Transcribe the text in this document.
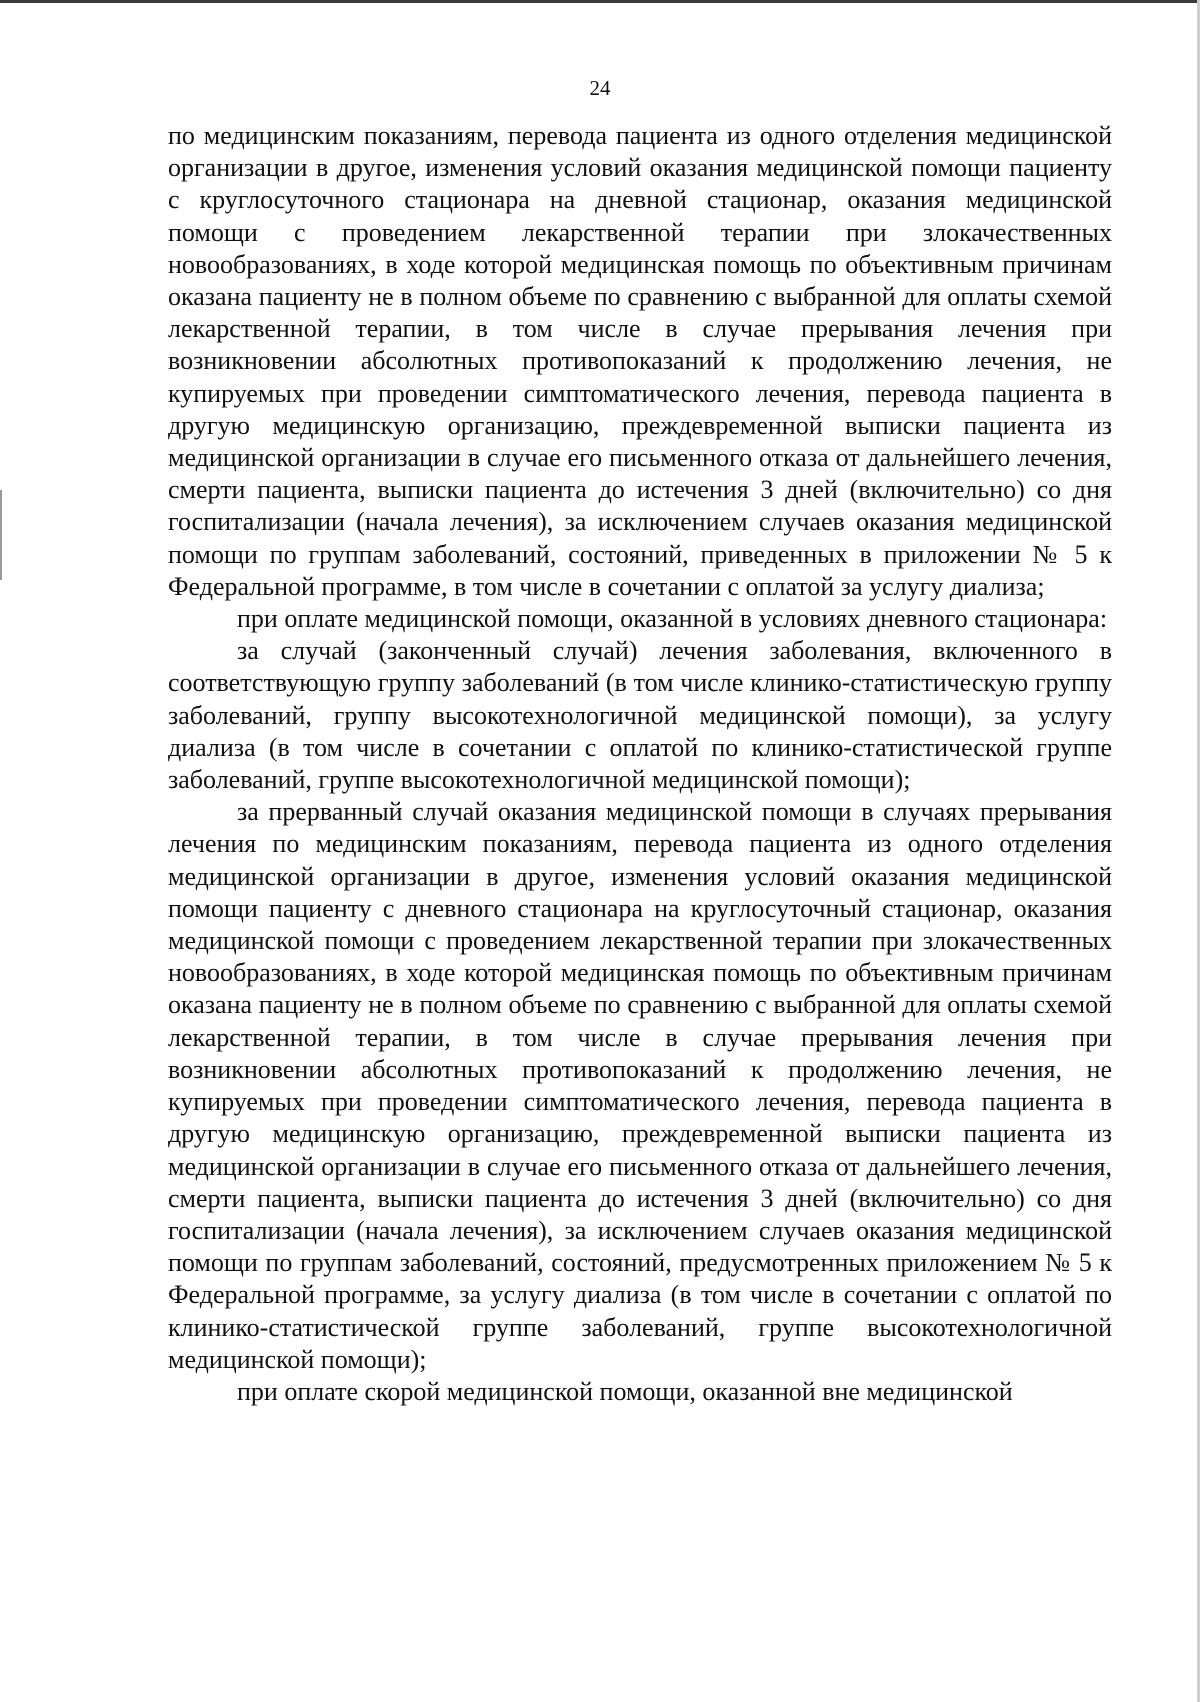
24

по медицинским показаниям, перевода пациента из одного отделения медицинской организации в другое, изменения условий оказания медицинской помощи пациенту с круглосуточного стационара на дневной стационар, оказания медицинской помощи с проведением лекарственной терапии при злокачественных новообразованиях, в ходе которой медицинская помощь по объективным причинам оказана пациенту не в полном объеме по сравнению с выбранной для оплаты схемой лекарственной терапии, в том числе в случае прерывания лечения при возникновении абсолютных противопоказаний к продолжению лечения, не купируемых при проведении симптоматического лечения, перевода пациента в другую медицинскую организацию, преждевременной выписки пациента из медицинской организации в случае его письменного отказа от дальнейшего лечения, смерти пациента, выписки пациента до истечения 3 дней (включительно) со дня госпитализации (начала лечения), за исключением случаев оказания медицинской помощи по группам заболеваний, состояний, приведенных в приложении № 5 к Федеральной программе, в том числе в сочетании с оплатой за услугу диализа;

при оплате медицинской помощи, оказанной в условиях дневного стационара:

за случай (законченный случай) лечения заболевания, включенного в соответствующую группу заболеваний (в том числе клинико-статистическую группу заболеваний, группу высокотехнологичной медицинской помощи), за услугу диализа (в том числе в сочетании с оплатой по клинико-статистической группе заболеваний, группе высокотехнологичной медицинской помощи);

за прерванный случай оказания медицинской помощи в случаях прерывания лечения по медицинским показаниям, перевода пациента из одного отделения медицинской организации в другое, изменения условий оказания медицинской помощи пациенту с дневного стационара на круглосуточный стационар, оказания медицинской помощи с проведением лекарственной терапии при злокачественных новообразованиях, в ходе которой медицинская помощь по объективным причинам оказана пациенту не в полном объеме по сравнению с выбранной для оплаты схемой лекарственной терапии, в том числе в случае прерывания лечения при возникновении абсолютных противопоказаний к продолжению лечения, не купируемых при проведении симптоматического лечения, перевода пациента в другую медицинскую организацию, преждевременной выписки пациента из медицинской организации в случае его письменного отказа от дальнейшего лечения, смерти пациента, выписки пациента до истечения 3 дней (включительно) со дня госпитализации (начала лечения), за исключением случаев оказания медицинской помощи по группам заболеваний, состояний, предусмотренных приложением № 5 к Федеральной программе, за услугу диализа (в том числе в сочетании с оплатой по клинико-статистической группе заболеваний, группе высокотехнологичной медицинской помощи);

при оплате скорой медицинской помощи, оказанной вне медицинской
